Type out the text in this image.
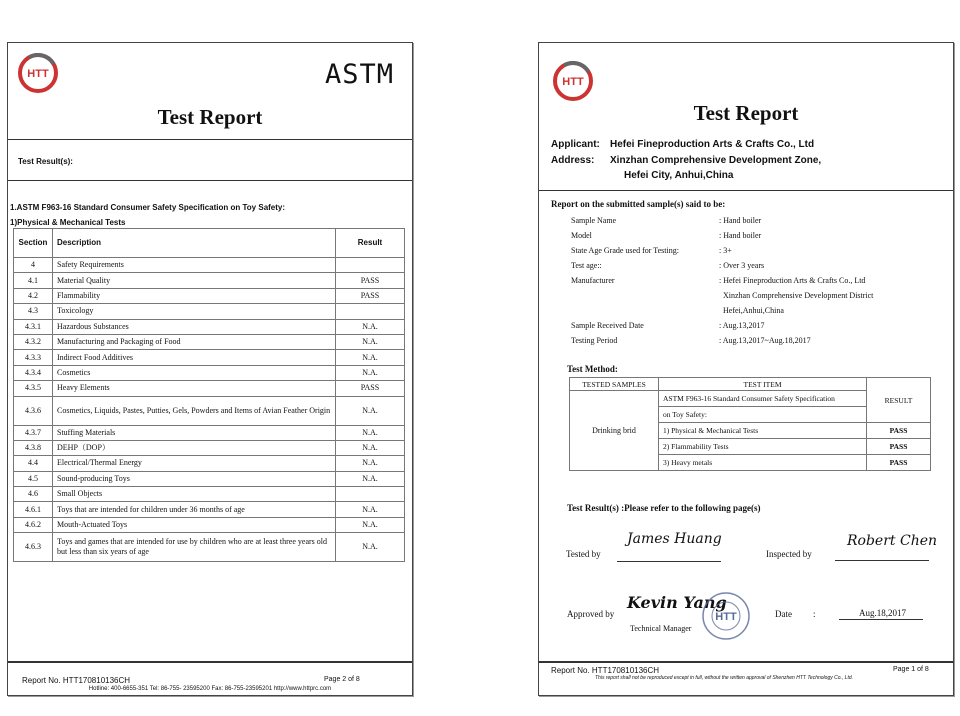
HTT	ASTM
Test Report
Test Result(s):
1.ASTM F963-16 Standard Consumer Safety Specification on Toy Safety:
1)Physical & Mechanical Tests
Section	Description	Result
4	Safety Requirements	
4.1	Material Quality	PASS
4.2	Flammability	PASS
4.3	Toxicology	
4.3.1	Hazardous Substances	N.A.
4.3.2	Manufacturing and Packaging of Food	N.A.
4.3.3	Indirect Food Additives	N.A.
4.3.4	Cosmetics	N.A.
4.3.5	Heavy Elements	PASS
4.3.6	Cosmetics, Liquids, Pastes, Putties, Gels, Powders and Items of Avian Feather Origin	N.A.
4.3.7	Stuffing Materials	N.A.
4.3.8	DEHP（DOP）	N.A.
4.4	Electrical/Thermal Energy	N.A.
4.5	Sound-producing Toys	N.A.
4.6	Small Objects	
4.6.1	Toys that are intended for children under 36 months of age	N.A.
4.6.2	Mouth-Actuated Toys	N.A.
4.6.3	Toys and games that are intended for use by children who are at least three years old but less than six years of age	N.A.
Report No. HTT170810136CH	Page 2 of 8
Hotline: 400-6655-351 Tel: 86-755- 23595200 Fax: 86-755-23595201 http://www.httprc.com
HTT
Test Report
Applicant: Hefei Fineproduction Arts & Crafts Co., Ltd
Address: Xinzhan Comprehensive Development Zone,
Hefei City, Anhui,China
Report on the submitted sample(s) said to be:
Sample Name	: Hand boiler
Model	: Hand boiler
State Age Grade used for Testing:	: 3+
Test age::	: Over 3 years
Manufacturer	: Hefei Fineproduction Arts & Crafts Co., Ltd
Xinzhan Comprehensive Development District
Hefei,Anhui,China
Sample Received Date	: Aug.13,2017
Testing Period	: Aug.13,2017~Aug.18,2017
Test Method:
TESTED SAMPLES	TEST ITEM	RESULT
Drinking brid	ASTM F963-16 Standard Consumer Safety Specification	
	on Toy Safety:	
	1) Physical & Mechanical Tests	PASS
	2) Flammability Tests	PASS
	3) Heavy metals	PASS
Test Result(s) :Please refer to the following page(s)
Tested by
James Huang
Inspected by
Robert Chen
Approved by
Kevin Yang
Technical Manager
HTT	Date :	Aug.18,2017
Report No. HTT170810136CH	Page 1 of 8
This report shall not be reproduced except in full, without the written approval of Shenzhen HTT Technology Co., Ltd.
